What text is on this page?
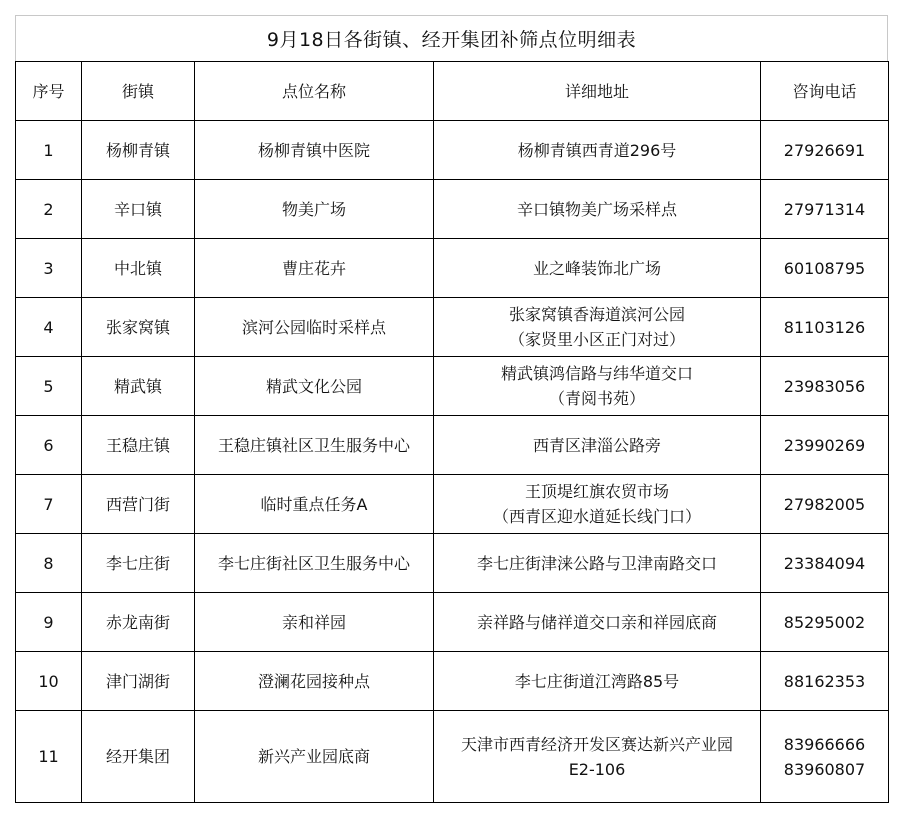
9月18日各街镇、经开集团补筛点位明细表
序号	街镇	点位名称	详细地址	咨询电话
1	杨柳青镇	杨柳青镇中医院	杨柳青镇西青道296号	27926691

2	辛口镇	物美广场	辛口镇物美广场采样点	27971314

3	中北镇	曹庄花卉	业之峰装饰北广场	60108795

4	张家窝镇	滨河公园临时采样点	张家窝镇香海道滨河公园
（家贤里小区正门对过）	81103126

5	精武镇	精武文化公园	精武镇鸿信路与纬华道交口
（青阅书苑）	23983056

6	王稳庄镇	王稳庄镇社区卫生服务中心	西青区津淄公路旁	23990269

7	西营门街	临时重点任务A	王顶堤红旗农贸市场
（西青区迎水道延长线门口）	27982005

8	李七庄街	李七庄街社区卫生服务中心	李七庄街津涞公路与卫津南路交口	23384094

9	赤龙南街	亲和祥园	亲祥路与储祥道交口亲和祥园底商	85295002

10	津门湖街	澄澜花园接种点	李七庄街道江湾路85号	88162353

11	经开集团	新兴产业园底商	天津市西青经济开发区赛达新兴产业园
E2-106	83966666
83960807
